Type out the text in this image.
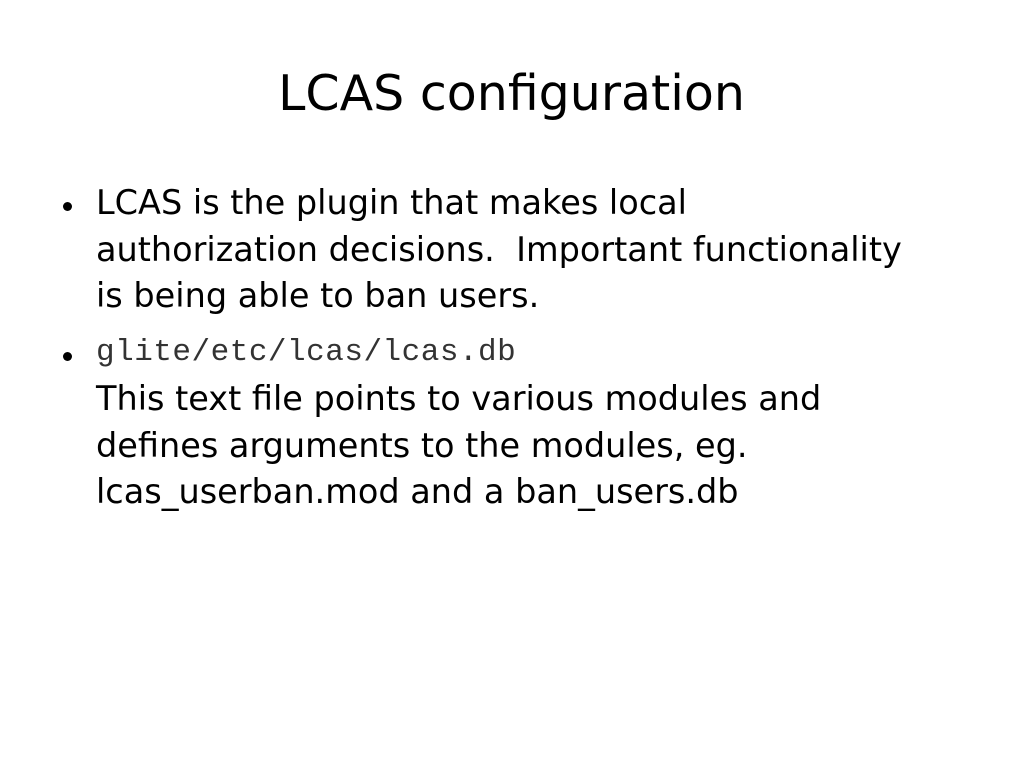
LCAS configuration
LCAS is the plugin that makes local
authorization decisions.  Important functionality
is being able to ban users.
glite/etc/lcas/lcas.db
This text file points to various modules and
defines arguments to the modules, eg.
lcas_userban.mod and a ban_users.db
